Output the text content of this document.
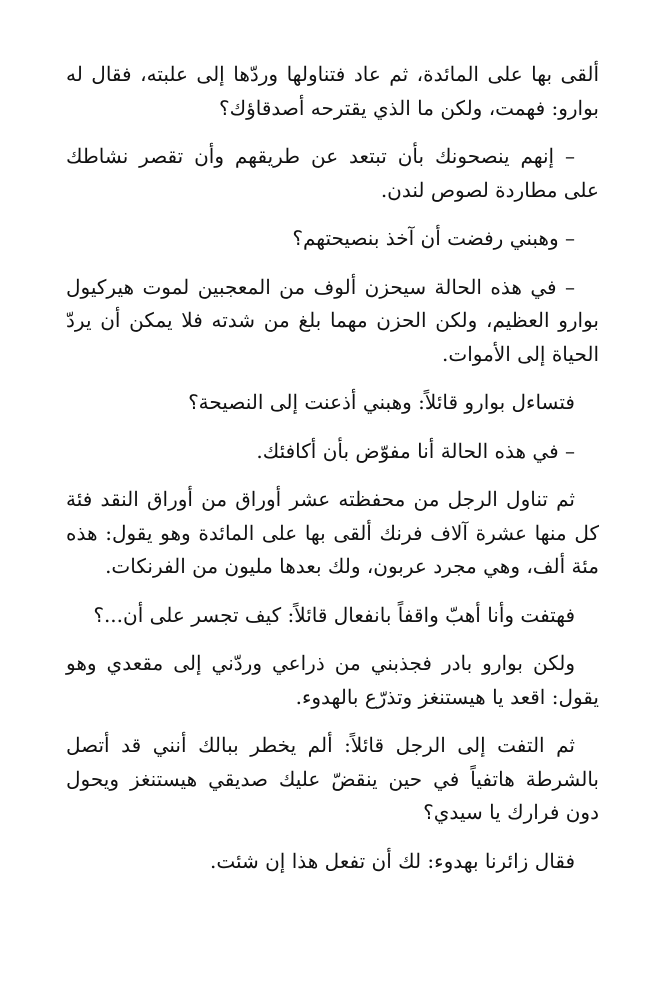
ألقى بها على المائدة، ثم عاد فتناولها وردّها إلى علبته، فقال له بوارو: فهمت، ولكن ما الذي يقترحه أصدقاؤك؟

– إنهم ينصحونك بأن تبتعد عن طريقهم وأن تقصر نشاطك على مطاردة لصوص لندن.

– وهبني رفضت أن آخذ بنصيحتهم؟

– في هذه الحالة سيحزن ألوف من المعجبين لموت هيركيول بوارو العظيم، ولكن الحزن مهما بلغ من شدته فلا يمكن أن يردّ الحياة إلى الأموات.

فتساءل بوارو قائلاً: وهبني أذعنت إلى النصيحة؟

– في هذه الحالة أنا مفوّض بأن أكافئك.

ثم تناول الرجل من محفظته عشر أوراق من أوراق النقد فئة كل منها عشرة آلاف فرنك ألقى بها على المائدة وهو يقول: هذه مئة ألف، وهي مجرد عربون، ولك بعدها مليون من الفرنكات.

فهتفت وأنا أهبّ واقفاً بانفعال قائلاً: كيف تجسر على أن...؟

ولكن بوارو بادر فجذبني من ذراعي وردّني إلى مقعدي وهو يقول: اقعد يا هيستنغز وتذرّع بالهدوء.

ثم التفت إلى الرجل قائلاً: ألم يخطر ببالك أنني قد أتصل بالشرطة هاتفياً في حين ينقضّ عليك صديقي هيستنغز ويحول دون فرارك يا سيدي؟

فقال زائرنا بهدوء: لك أن تفعل هذا إن شئت.
